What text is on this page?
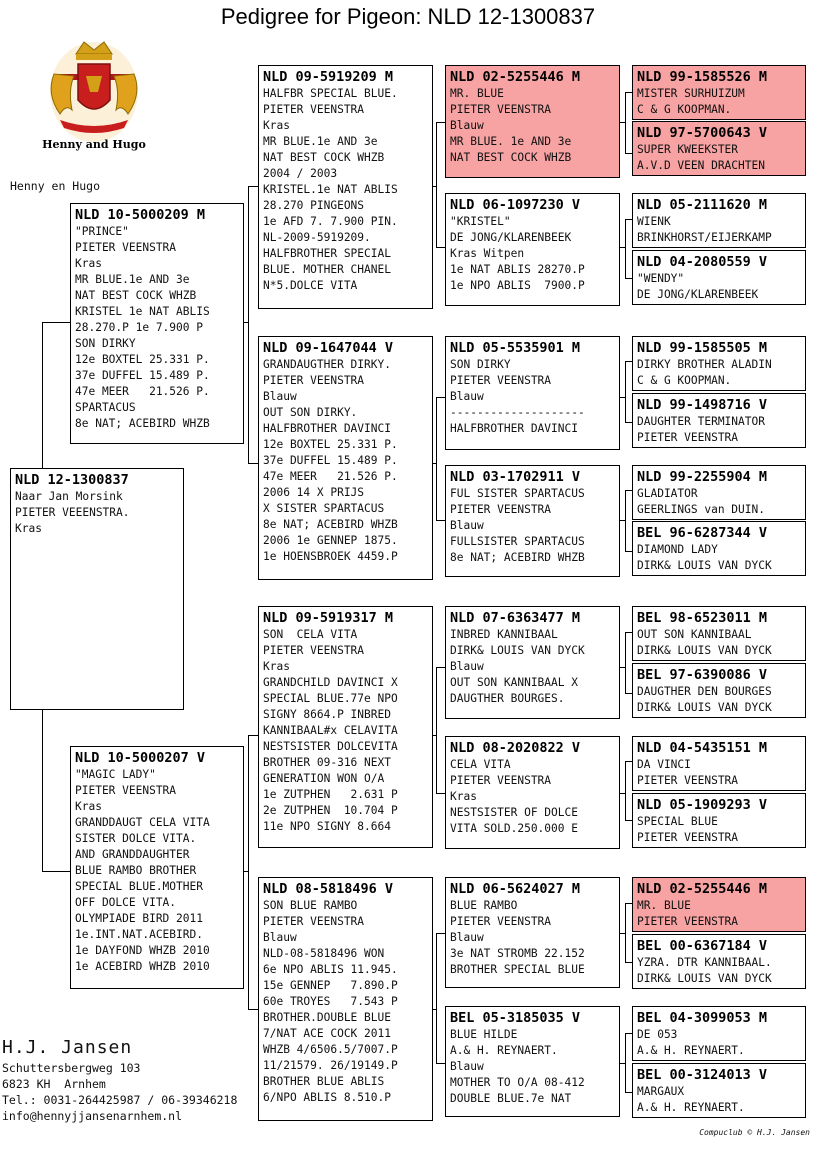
Pedigree for Pigeon: NLD 12-1300837
Henny and Hugo
Henny en Hugo
NLD 12-1300837
Naar Jan Morsink
PIETER VEEENSTRA.
Kras
NLD 10-5000209 M
"PRINCE"
PIETER VEENSTRA
Kras
MR BLUE.1e AND 3e
NAT BEST COCK WHZB
KRISTEL 1e NAT ABLIS
28.270.P 1e 7.900 P
SON DIRKY
12e BOXTEL 25.331 P.
37e DUFFEL 15.489 P.
47e MEER   21.526 P.
SPARTACUS
8e NAT; ACEBIRD WHZB
NLD 10-5000207 V
"MAGIC LADY"
PIETER VEENSTRA
Kras
GRANDDAUGT CELA VITA
SISTER DOLCE VITA.
AND GRANDDAUGHTER
BLUE RAMBO BROTHER
SPECIAL BLUE.MOTHER
OFF DOLCE VITA.
OLYMPIADE BIRD 2011
1e.INT.NAT.ACEBIRD.
1e DAYFOND WHZB 2010
1e ACEBIRD WHZB 2010
NLD 09-5919209 M
HALFBR SPECIAL BLUE.
PIETER VEENSTRA
Kras
MR BLUE.1e AND 3e
NAT BEST COCK WHZB
2004 / 2003
KRISTEL.1e NAT ABLIS
28.270 PINGEONS
1e AFD 7. 7.900 PIN.
NL-2009-5919209.
HALFBROTHER SPECIAL
BLUE. MOTHER CHANEL
N*5.DOLCE VITA
NLD 09-1647044 V
GRANDAUGTHER DIRKY.
PIETER VEENSTRA
Blauw
OUT SON DIRKY.
HALFBROTHER DAVINCI
12e BOXTEL 25.331 P.
37e DUFFEL 15.489 P.
47e MEER   21.526 P.
2006 14 X PRIJS
X SISTER SPARTACUS
8e NAT; ACEBIRD WHZB
2006 1e GENNEP 1875.
1e HOENSBROEK 4459.P
NLD 09-5919317 M
SON  CELA VITA
PIETER VEENSTRA
Kras
GRANDCHILD DAVINCI X
SPECIAL BLUE.77e NPO
SIGNY 8664.P INBRED
KANNIBAAL#x CELAVITA
NESTSISTER DOLCEVITA
BROTHER 09-316 NEXT
GENERATION WON O/A
1e ZUTPHEN   2.631 P
2e ZUTPHEN  10.704 P
11e NPO SIGNY 8.664
NLD 08-5818496 V
SON BLUE RAMBO
PIETER VEENSTRA
Blauw
NLD-08-5818496 WON
6e NPO ABLIS 11.945.
15e GENNEP   7.890.P
60e TROYES   7.543 P
BROTHER.DOUBLE BLUE
7/NAT ACE COCK 2011
WHZB 4/6506.5/7007.P
11/21579. 26/19149.P
BROTHER BLUE ABLIS
6/NPO ABLIS 8.510.P
NLD 02-5255446 M
MR. BLUE
PIETER VEENSTRA
Blauw
MR BLUE. 1e AND 3e
NAT BEST COCK WHZB
NLD 06-1097230 V
"KRISTEL"
DE JONG/KLARENBEEK
Kras Witpen
1e NAT ABLIS 28270.P
1e NPO ABLIS  7900.P
NLD 05-5535901 M
SON DIRKY
PIETER VEENSTRA
Blauw
--------------------
HALFBROTHER DAVINCI
NLD 03-1702911 V
FUL SISTER SPARTACUS
PIETER VEENSTRA
Blauw
FULLSISTER SPARTACUS
8e NAT; ACEBIRD WHZB
NLD 07-6363477 M
INBRED KANNIBAAL
DIRK& LOUIS VAN DYCK
Blauw
OUT SON KANNIBAAL X
DAUGTHER BOURGES.
NLD 08-2020822 V
CELA VITA
PIETER VEENSTRA
Kras
NESTSISTER OF DOLCE
VITA SOLD.250.000 E
NLD 06-5624027 M
BLUE RAMBO
PIETER VEENSTRA
Blauw
3e NAT STROMB 22.152
BROTHER SPECIAL BLUE
BEL 05-3185035 V
BLUE HILDE
A.& H. REYNAERT.
Blauw
MOTHER TO O/A 08-412
DOUBLE BLUE.7e NAT
NLD 99-1585526 M
MISTER SURHUIZUM
C & G KOOPMAN.
NLD 97-5700643 V
SUPER KWEEKSTER
A.V.D VEEN DRACHTEN
NLD 05-2111620 M
WIENK
BRINKHORST/EIJERKAMP
NLD 04-2080559 V
"WENDY"
DE JONG/KLARENBEEK
NLD 99-1585505 M
DIRKY BROTHER ALADIN
C & G KOOPMAN.
NLD 99-1498716 V
DAUGHTER TERMINATOR
PIETER VEENSTRA
NLD 99-2255904 M
GLADIATOR
GEERLINGS van DUIN.
BEL 96-6287344 V
DIAMOND LADY
DIRK& LOUIS VAN DYCK
BEL 98-6523011 M
OUT SON KANNIBAAL
DIRK& LOUIS VAN DYCK
BEL 97-6390086 V
DAUGTHER DEN BOURGES
DIRK& LOUIS VAN DYCK
NLD 04-5435151 M
DA VINCI
PIETER VEENSTRA
NLD 05-1909293 V
SPECIAL BLUE
PIETER VEENSTRA
NLD 02-5255446 M
MR. BLUE
PIETER VEENSTRA
BEL 00-6367184 V
YZRA. DTR KANNIBAAL.
DIRK& LOUIS VAN DYCK
BEL 04-3099053 M
DE 053
A.& H. REYNAERT.
BEL 00-3124013 V
MARGAUX
A.& H. REYNAERT.
H.J. Jansen
Schuttersbergweg 103
6823 KH  Arnhem
Tel.: 0031-264425987 / 06-39346218
info@hennyjjansenarnhem.nl
Compuclub © H.J. Jansen
